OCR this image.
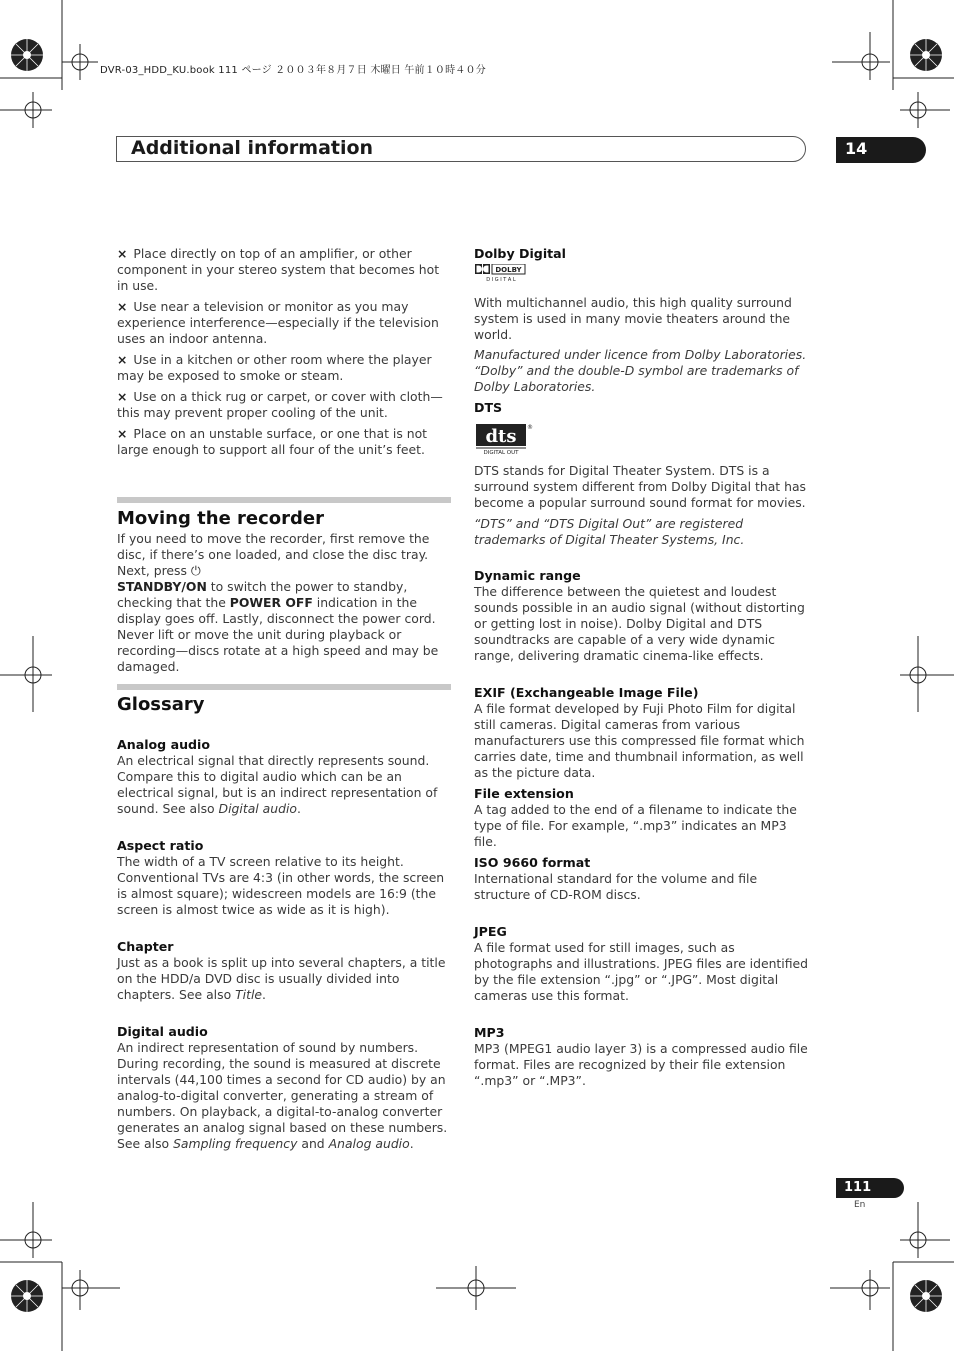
DVR-03_HDD_KU.book 111 ページ ２００３年８月７日 木曜日 午前１０時４０分
Additional information	14

× Place directly on top of an amplifier, or other component in your stereo system that becomes hot in use.

× Use near a television or monitor as you may experience interference—especially if the television uses an indoor antenna.

× Use in a kitchen or other room where the player may be exposed to smoke or steam.

× Use on a thick rug or carpet, or cover with cloth—this may prevent proper cooling of the unit.

× Place on an unstable surface, or one that is not large enough to support all four of the unit’s feet.

Moving the recorder

If you need to move the recorder, first remove the disc, if there’s one loaded, and close the disc tray. Next, press ⏻
STANDBY/ON to switch the power to standby, checking that the POWER OFF indication in the display goes off. Lastly, disconnect the power cord. Never lift or move the unit during playback or recording—discs rotate at a high speed and may be damaged.

Glossary

Analog audio

An electrical signal that directly represents sound. Compare this to digital audio which can be an electrical signal, but is an indirect representation of sound. See also Digital audio.

Aspect ratio

The width of a TV screen relative to its height. Conventional TVs are 4:3 (in other words, the screen is almost square); widescreen models are 16:9 (the screen is almost twice as wide as it is high).

Chapter

Just as a book is split up into several chapters, a title on the HDD/a DVD disc is usually divided into chapters. See also Title.

Digital audio

An indirect representation of sound by numbers. During recording, the sound is measured at discrete intervals (44,100 times a second for CD audio) by an analog-to-digital converter, generating a stream of numbers. On playback, a digital-to-analog converter generates an analog signal based on these numbers. See also Sampling frequency and Analog audio.

Dolby Digital

DOLBY
D I G I T A L

With multichannel audio, this high quality surround system is used in many movie theaters around the world.

Manufactured under licence from Dolby Laboratories. “Dolby” and the double-D symbol are trademarks of Dolby Laboratories.

DTS

dts
DIGITAL OUT
®

DTS stands for Digital Theater System. DTS is a surround system different from Dolby Digital that has become a popular surround sound format for movies.

“DTS” and “DTS Digital Out” are registered trademarks of Digital Theater Systems, Inc.

Dynamic range

The difference between the quietest and loudest sounds possible in an audio signal (without distorting or getting lost in noise). Dolby Digital and DTS soundtracks are capable of a very wide dynamic range, delivering dramatic cinema-like effects.

EXIF (Exchangeable Image File)

A file format developed by Fuji Photo Film for digital still cameras. Digital cameras from various manufacturers use this compressed file format which carries date, time and thumbnail information, as well as the picture data.

File extension

A tag added to the end of a filename to indicate the type of file. For example, “.mp3” indicates an MP3 file.

ISO 9660 format

International standard for the volume and file structure of CD-ROM discs.

JPEG

A file format used for still images, such as photographs and illustrations. JPEG files are identified by the file extension “.jpg” or “.JPG”. Most digital cameras use this format.

MP3

MP3 (MPEG1 audio layer 3) is a compressed audio file format. Files are recognized by their file extension “.mp3” or “.MP3”.

111
En
